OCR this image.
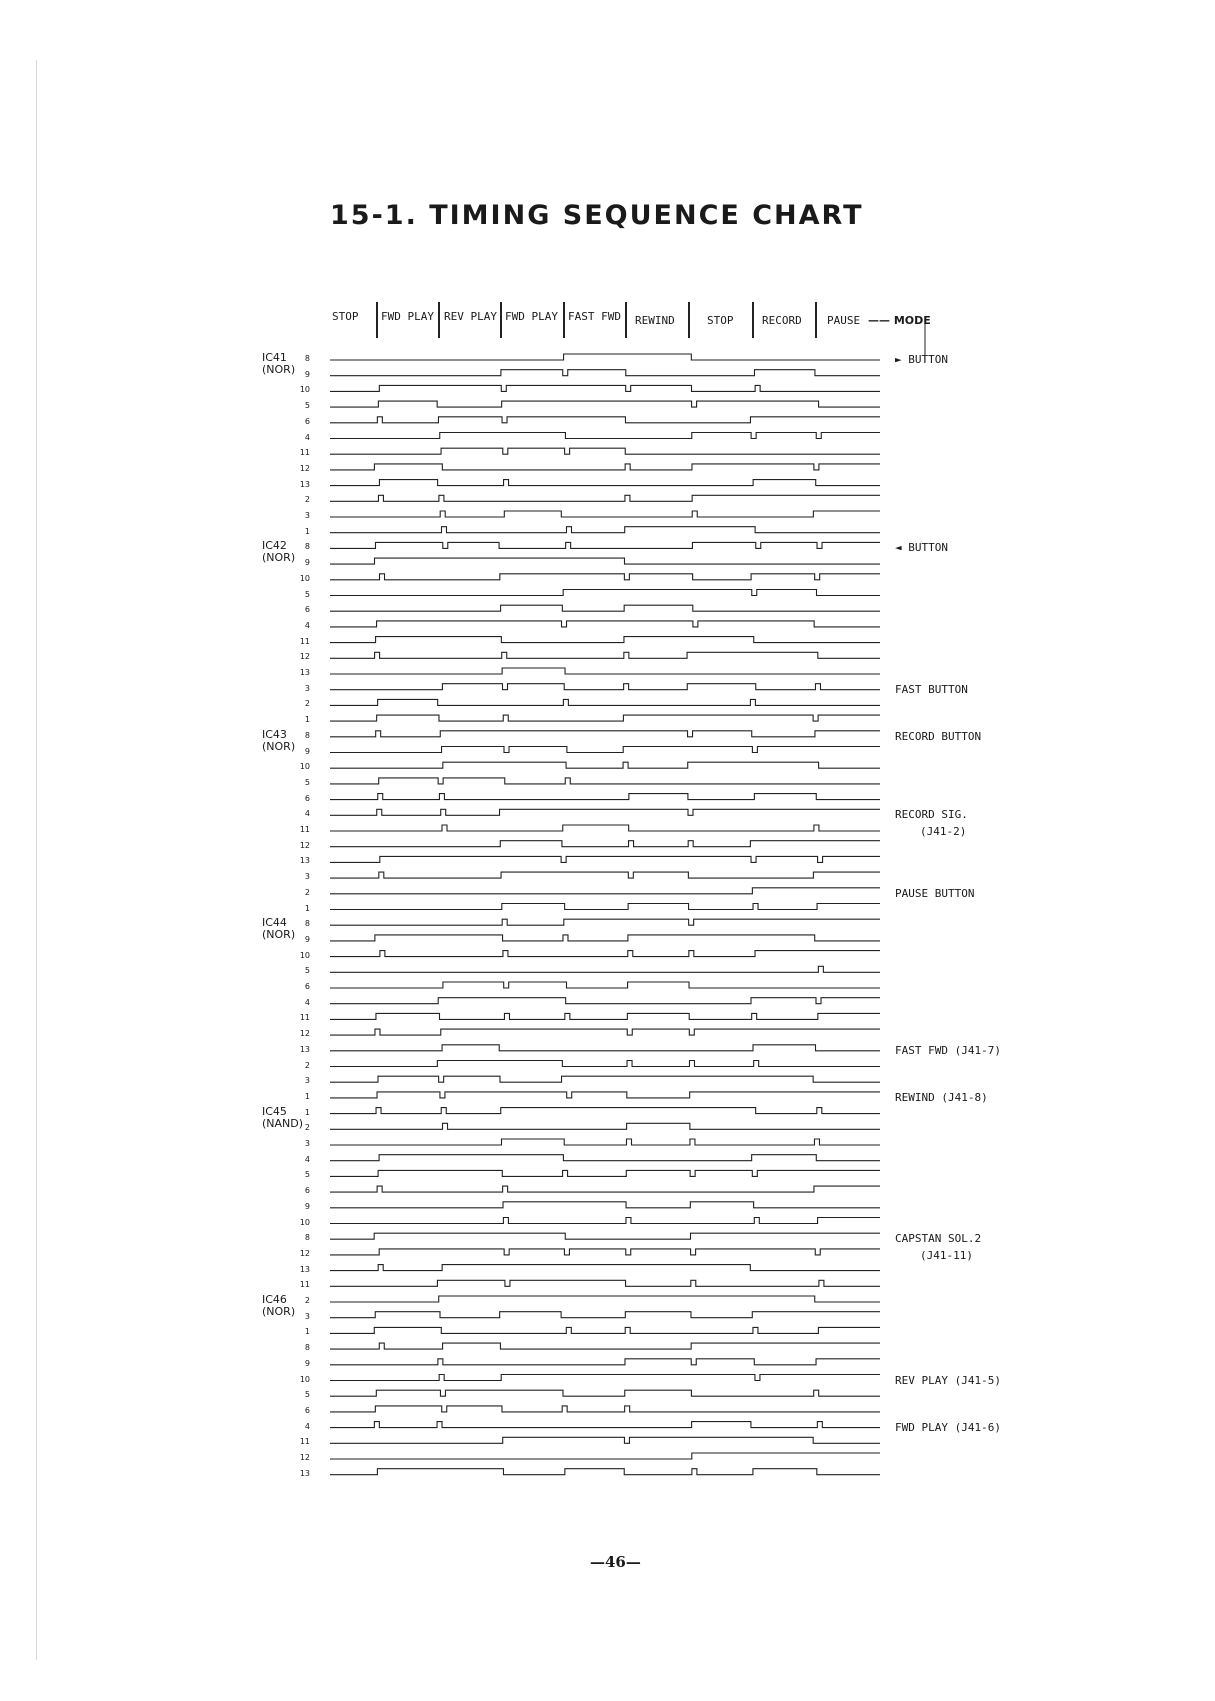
15-1. TIMING SEQUENCE CHART
STOP FWD PLAY REV PLAY FWD PLAY FAST FWD REWIND	STOP	RECORD PAUSE —— MODE
IC41
(NOR)
8
9
10
5
6
4
11
12
13
2
3
1
IC42
(NOR)
8
9
10
5
6
4
11
12
13
3
2
1
IC43
(NOR)
8
9
10
5
6
4
11
12
13
3
2
1
IC44
(NOR)
8
9
10
5
6
4
11
12
13
2
3
1
IC45
(NAND)
1
2
3
4
5
6
9
10
8
12
13
11
IC46
(NOR)
2
3
1
8
9
10
5
6
4
11
12
13
► BUTTON
◄ BUTTON
FAST BUTTON
RECORD BUTTON
RECORD SIG.
(J41-2)
PAUSE BUTTON
FAST FWD (J41-7)
REWIND (J41-8)
CAPSTAN SOL.2
(J41-11)
REV PLAY (J41-5)
FWD PLAY (J41-6)
—46—
